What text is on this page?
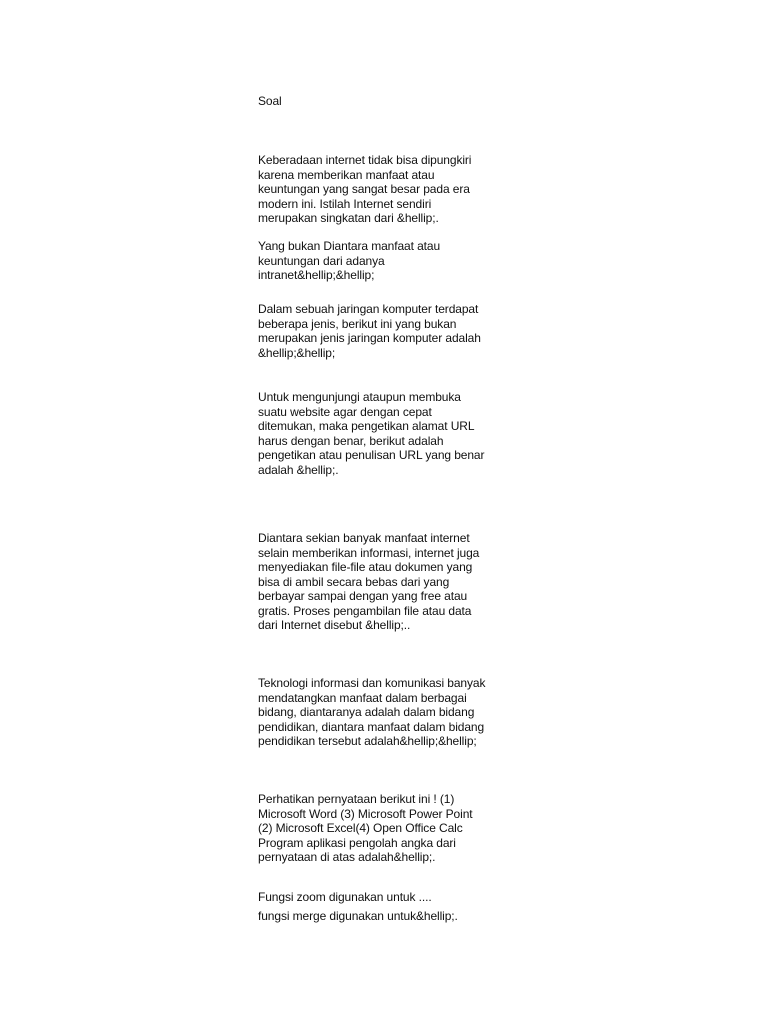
Soal

Keberadaan internet tidak bisa dipungkiri
karena memberikan manfaat atau
keuntungan yang sangat besar pada era
modern ini. Istilah Internet sendiri
merupakan singkatan dari &hellip;.

Yang bukan Diantara manfaat atau
keuntungan dari adanya
intranet&hellip;&hellip;

Dalam sebuah jaringan komputer terdapat
beberapa jenis, berikut ini yang bukan
merupakan jenis jaringan komputer adalah
&hellip;&hellip;

Untuk mengunjungi ataupun membuka
suatu website agar dengan cepat
ditemukan, maka pengetikan alamat URL
harus dengan benar, berikut adalah
pengetikan atau penulisan URL yang benar
adalah &hellip;.

Diantara sekian banyak manfaat internet
selain memberikan informasi, internet juga
menyediakan file-file atau dokumen yang
bisa di ambil secara bebas dari yang
berbayar sampai dengan yang free atau
gratis. Proses pengambilan file atau data
dari Internet disebut &hellip;..

Teknologi informasi dan komunikasi banyak
mendatangkan manfaat dalam berbagai
bidang, diantaranya adalah dalam bidang
pendidikan, diantara manfaat dalam bidang
pendidikan tersebut adalah&hellip;&hellip;

Perhatikan pernyataan berikut ini ! (1)
Microsoft Word (3) Microsoft Power Point
(2) Microsoft Excel(4) Open Office Calc
Program aplikasi pengolah angka dari
pernyataan di atas adalah&hellip;.

Fungsi zoom digunakan untuk ....

fungsi merge digunakan untuk&hellip;.
